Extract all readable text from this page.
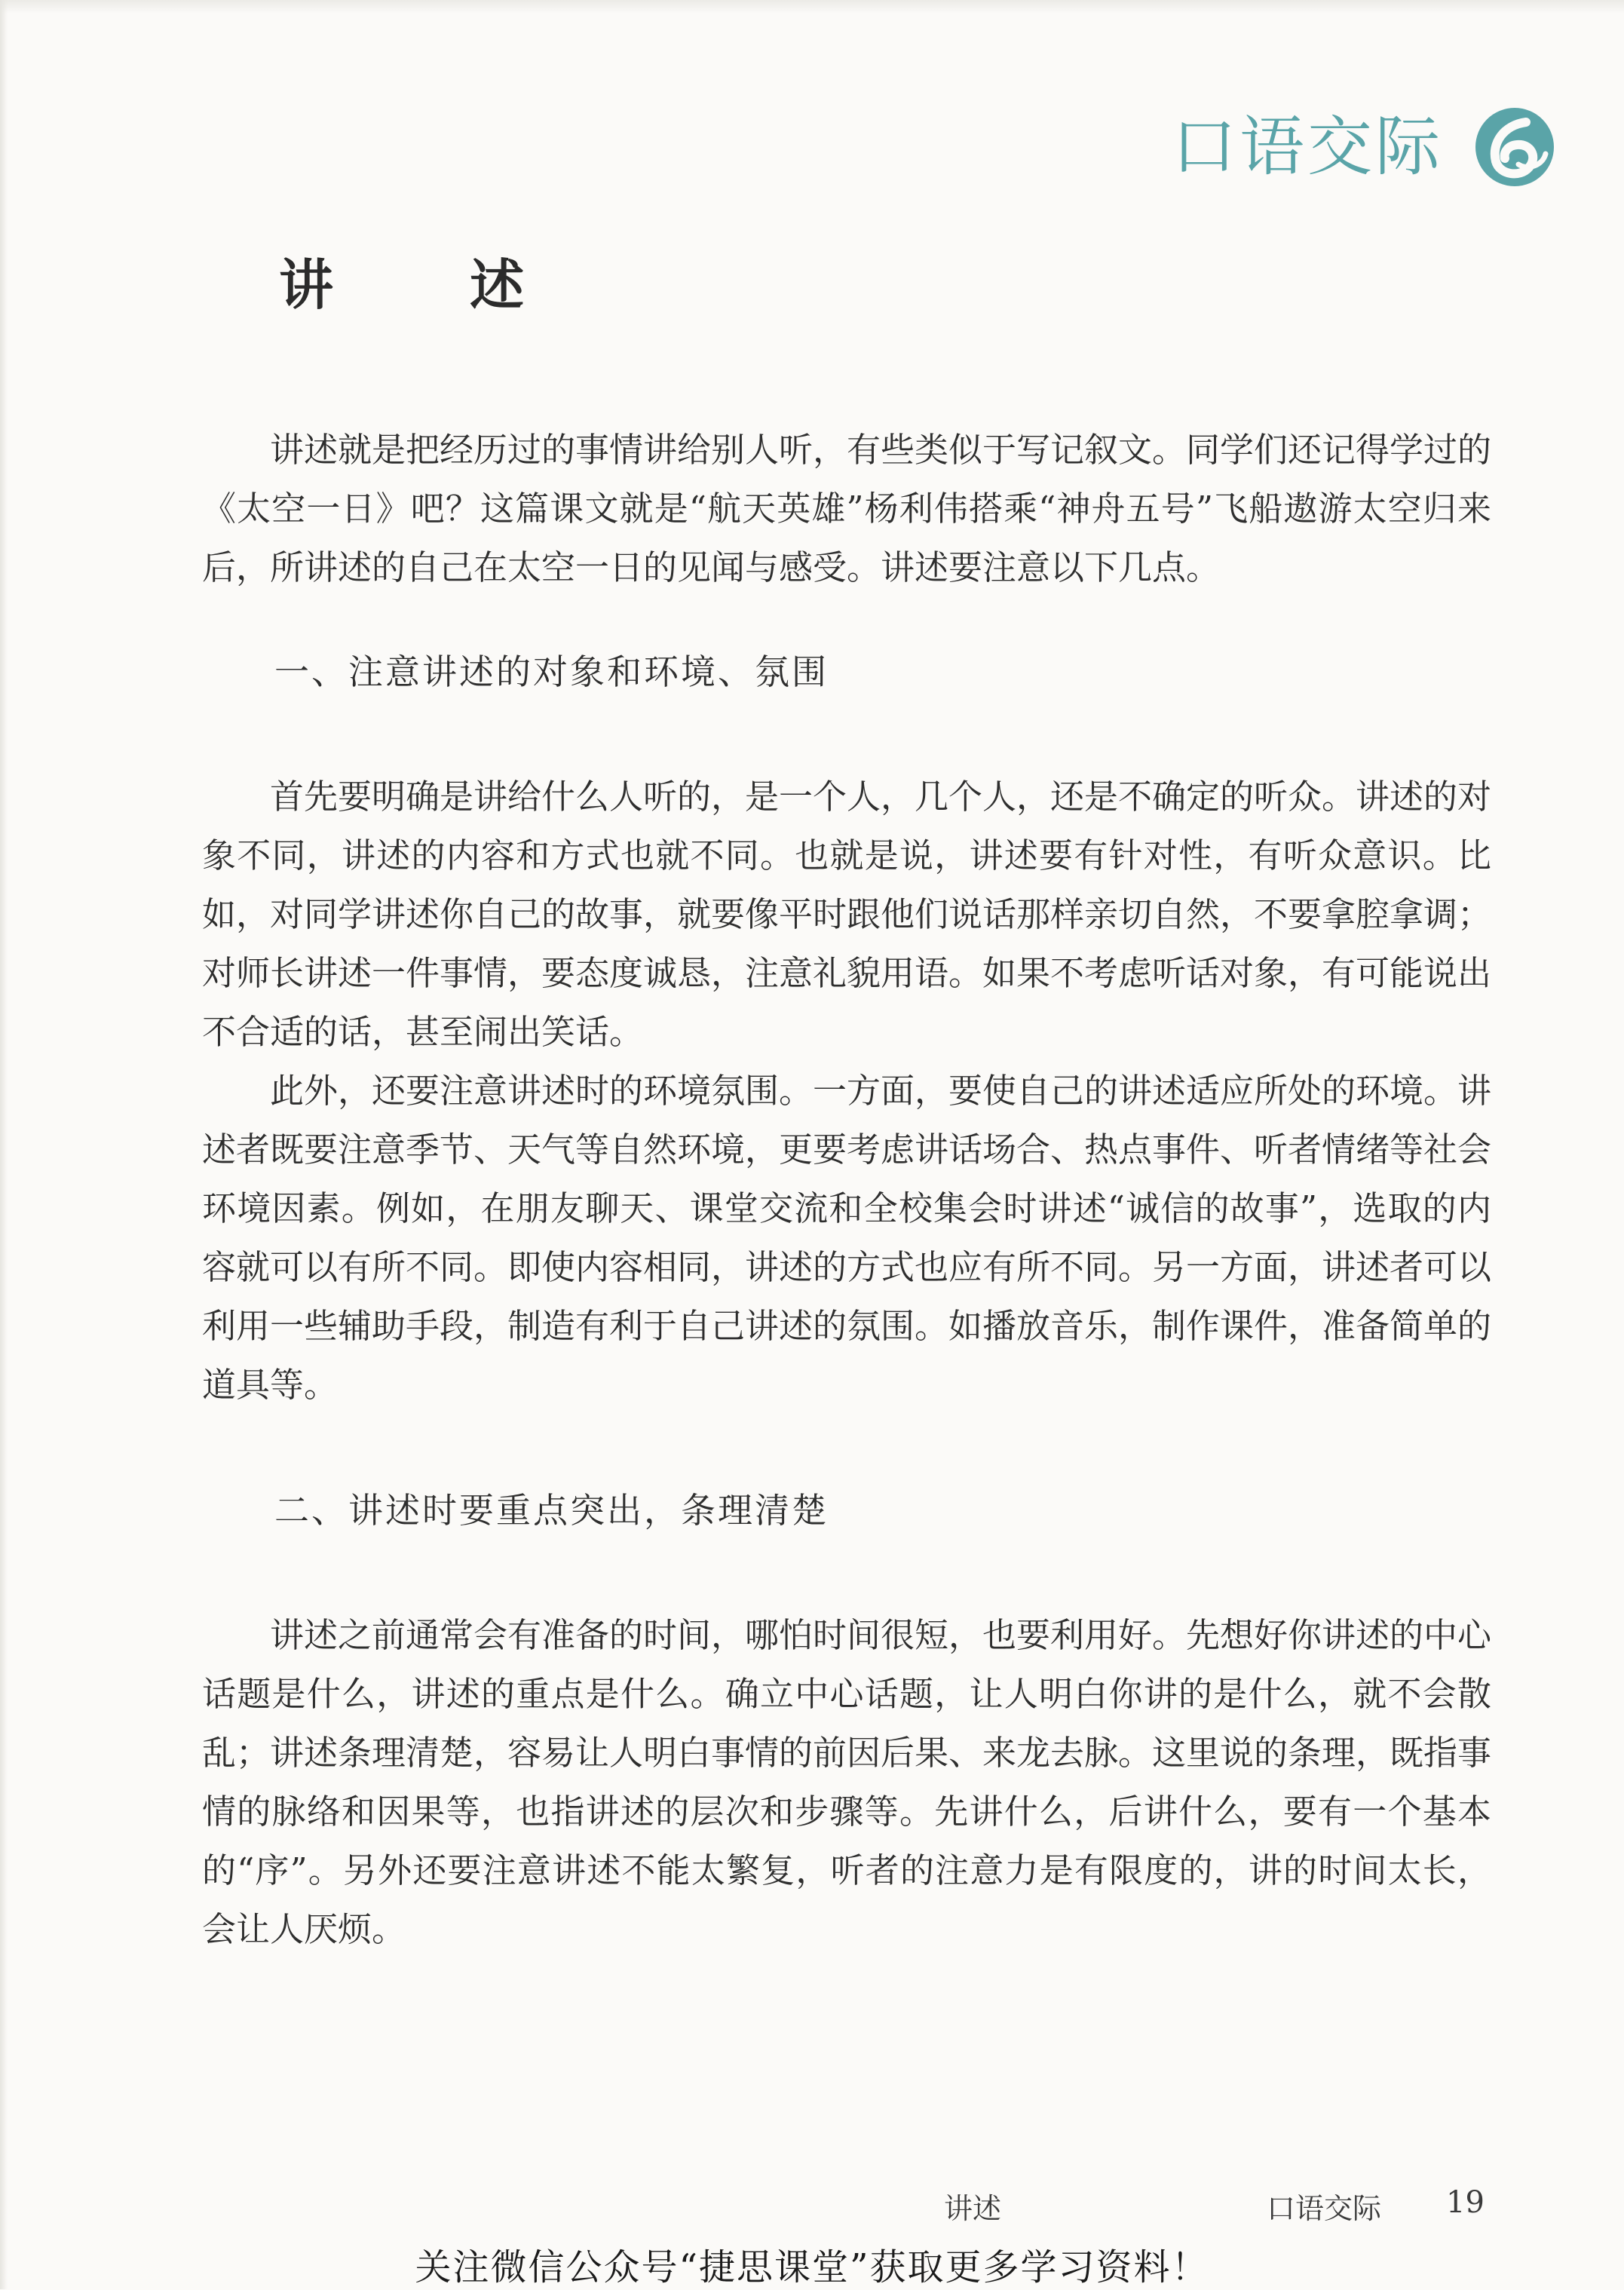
口语交际
讲 述

讲述就是把经历过的事情讲给别人听，有些类似于写记叙文。同学们还记得学过的《太空一日》吧？这篇课文就是“航天英雄”杨利伟搭乘“神舟五号”飞船遨游太空归来后，所讲述的自己在太空一日的见闻与感受。讲述要注意以下几点。

一、注意讲述的对象和环境、氛围

首先要明确是讲给什么人听的，是一个人，几个人，还是不确定的听众。讲述的对象不同，讲述的内容和方式也就不同。也就是说，讲述要有针对性，有听众意识。比如，对同学讲述你自己的故事，就要像平时跟他们说话那样亲切自然，不要拿腔拿调；对师长讲述一件事情，要态度诚恳，注意礼貌用语。如果不考虑听话对象，有可能说出不合适的话，甚至闹出笑话。

此外，还要注意讲述时的环境氛围。一方面，要使自己的讲述适应所处的环境。讲述者既要注意季节、天气等自然环境，更要考虑讲话场合、热点事件、听者情绪等社会环境因素。例如，在朋友聊天、课堂交流和全校集会时讲述“诚信的故事”，选取的内容就可以有所不同。即使内容相同，讲述的方式也应有所不同。另一方面，讲述者可以利用一些辅助手段，制造有利于自己讲述的氛围。如播放音乐，制作课件，准备简单的道具等。

二、讲述时要重点突出，条理清楚

讲述之前通常会有准备的时间，哪怕时间很短，也要利用好。先想好你讲述的中心话题是什么，讲述的重点是什么。确立中心话题，让人明白你讲的是什么，就不会散乱；讲述条理清楚，容易让人明白事情的前因后果、来龙去脉。这里说的条理，既指事情的脉络和因果等，也指讲述的层次和步骤等。先讲什么，后讲什么，要有一个基本的“序”。另外还要注意讲述不能太繁复，听者的注意力是有限度的，讲的时间太长，会让人厌烦。

讲述	口语交际 19
关注微信公众号“捷思课堂”获取更多学习资料！
